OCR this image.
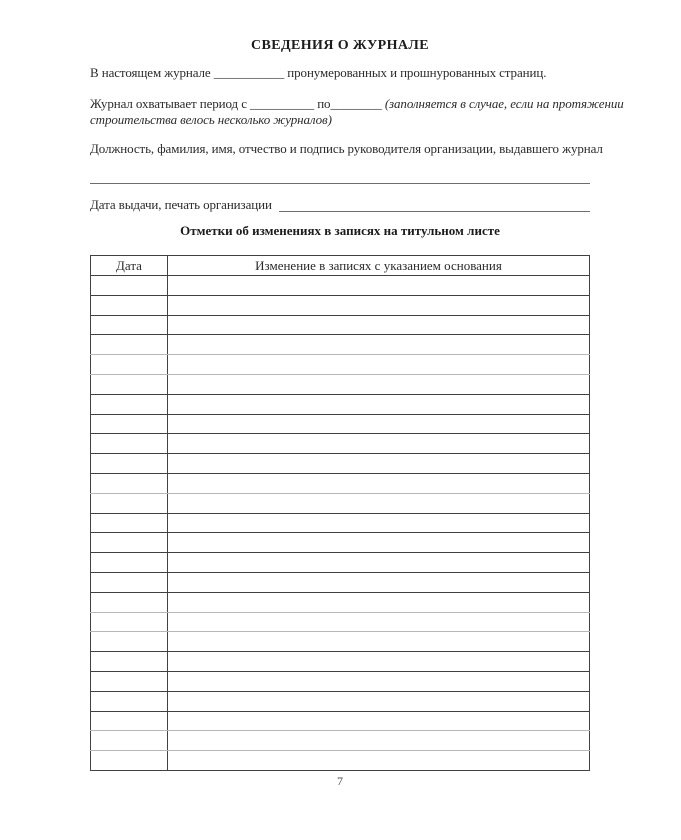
СВЕДЕНИЯ О ЖУРНАЛЕ

В настоящем журнале ___________ пронумерованных и прошнурованных страниц.

Журнал охватывает период с __________ по________ (заполняется в случае, если на протяжении
строительства велось несколько журналов)

Должность, фамилия, имя, отчество и подпись руководителя организации, выдавшего журнал

Дата выдачи, печать организации
Отметки об изменениях в записях на титульном листе
Дата	Изменение в записях с указанием основания

7
